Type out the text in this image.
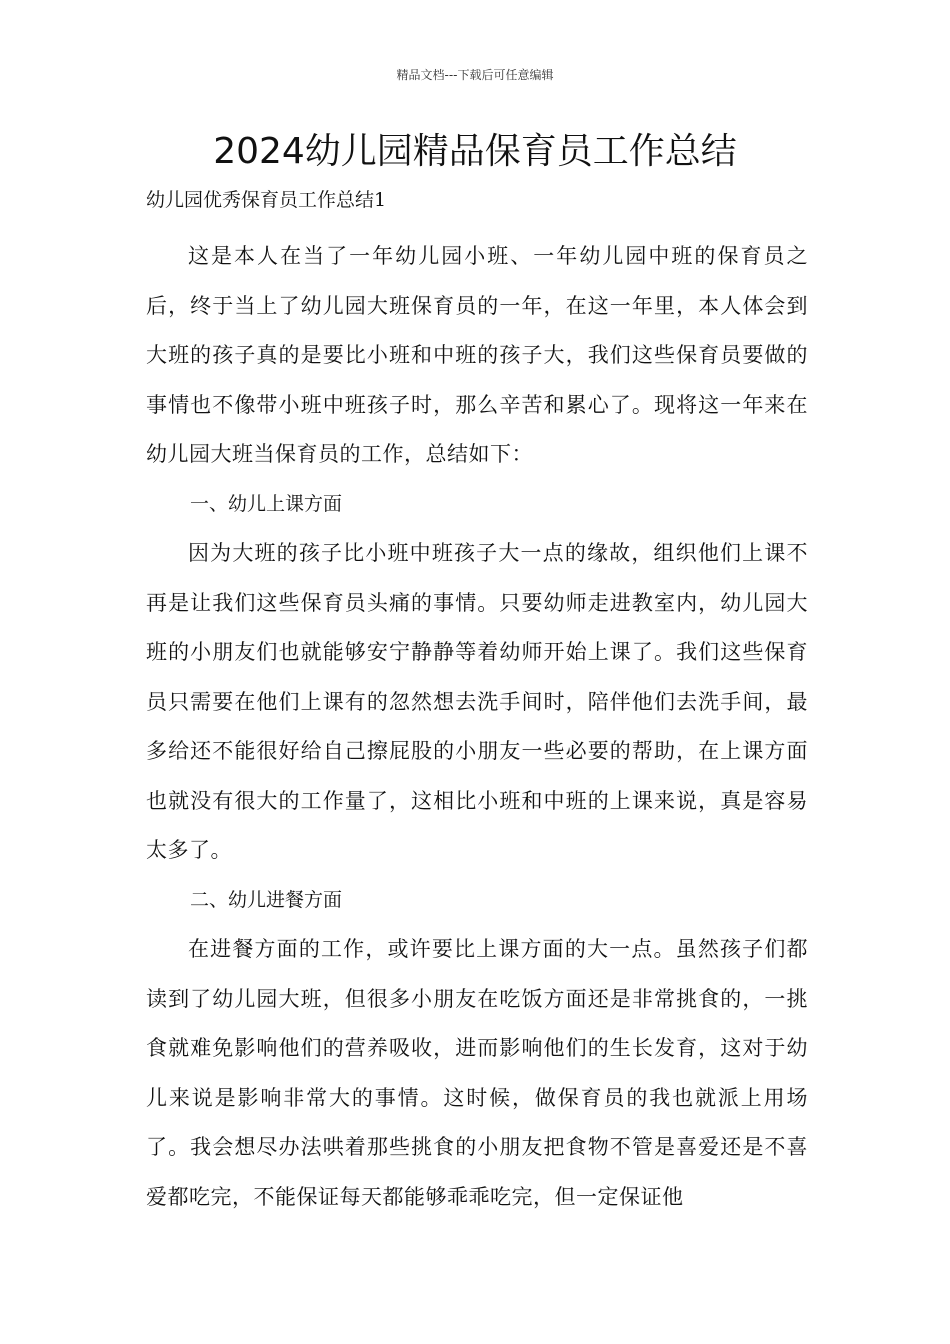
精品文档---下载后可任意编辑
2024幼儿园精品保育员工作总结
幼儿园优秀保育员工作总结1

这是本人在当了一年幼儿园小班、一年幼儿园中班的保育员之后，终于当上了幼儿园大班保育员的一年，在这一年里，本人体会到大班的孩子真的是要比小班和中班的孩子大，我们这些保育员要做的事情也不像带小班中班孩子时，那么辛苦和累心了。现将这一年来在幼儿园大班当保育员的工作，总结如下：

一、幼儿上课方面

因为大班的孩子比小班中班孩子大一点的缘故，组织他们上课不再是让我们这些保育员头痛的事情。只要幼师走进教室内，幼儿园大班的小朋友们也就能够安宁静静等着幼师开始上课了。我们这些保育员只需要在他们上课有的忽然想去洗手间时，陪伴他们去洗手间，最多给还不能很好给自己擦屁股的小朋友一些必要的帮助，在上课方面也就没有很大的工作量了，这相比小班和中班的上课来说，真是容易太多了。

二、幼儿进餐方面

在进餐方面的工作，或许要比上课方面的大一点。虽然孩子们都读到了幼儿园大班，但很多小朋友在吃饭方面还是非常挑食的，一挑食就难免影响他们的营养吸收，进而影响他们的生长发育，这对于幼儿来说是影响非常大的事情。这时候，做保育员的我也就派上用场了。我会想尽办法哄着那些挑食的小朋友把食物不管是喜爱还是不喜爱都吃完，不能保证每天都能够乖乖吃完，但一定保证他
